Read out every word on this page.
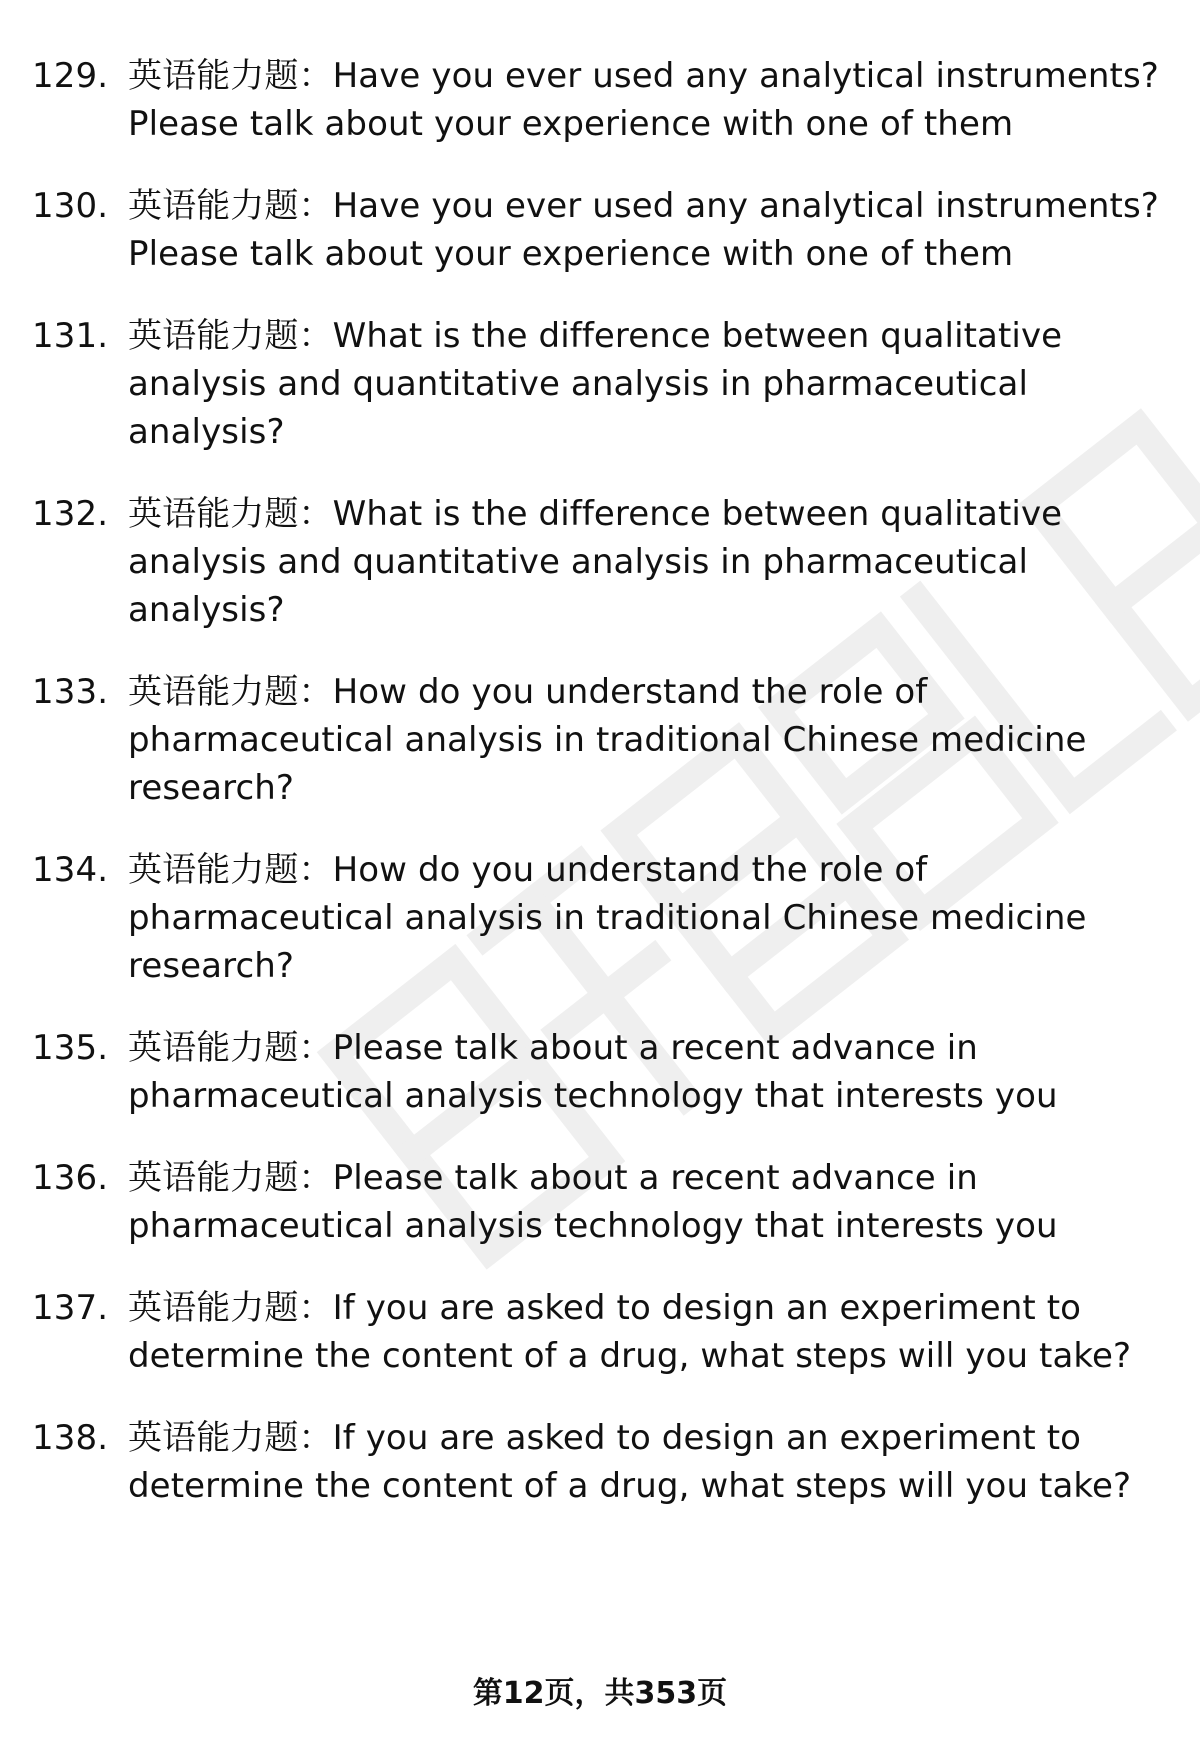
129. 英语能力题：Have you ever used any analytical instruments? Please talk about your experience with one of them
130. 英语能力题：Have you ever used any analytical instruments? Please talk about your experience with one of them
131. 英语能力题：What is the difference between qualitative analysis and quantitative analysis in pharmaceutical analysis?
132. 英语能力题：What is the difference between qualitative analysis and quantitative analysis in pharmaceutical analysis?
133. 英语能力题：How do you understand the role of pharmaceutical analysis in traditional Chinese medicine research?
134. 英语能力题：How do you understand the role of pharmaceutical analysis in traditional Chinese medicine research?
135. 英语能力题：Please talk about a recent advance in pharmaceutical analysis technology that interests you
136. 英语能力题：Please talk about a recent advance in pharmaceutical analysis technology that interests you
137. 英语能力题：If you are asked to design an experiment to determine the content of a drug, what steps will you take?
138. 英语能力题：If you are asked to design an experiment to determine the content of a drug, what steps will you take?
第12页，共353页
